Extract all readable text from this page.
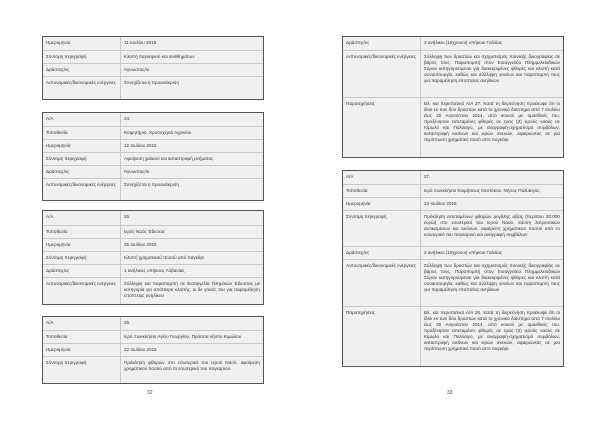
Ημερομηνία	11 Ιουλίου 2015
Σύντομη περιγραφή	Κλοπή παγκαριού και αναθημάτων
Δράστης/ες	Άγνωστος/οι
Αστυνομικές/δικονομικές ενέργειες	Συνεχίζεται η προανάκριση
Α/Α	24.
Τοποθεσία	Κοιμητήριο, Χρυσοχεριά Αγρινίου
Ημερομηνία	12 Ιουλίου 2015
Σύντομη περιγραφή	Αφαίρεση χαλκού και καταστροφή μνήματος
Δράστης/ες	Άγνωστος/οι
Αστυνομικές/δικονομικές ενέργειες	Συνεχίζεται η προανάκριση
Α/Α	25.
Τοποθεσία	Ιερός Ναός Έδεσσα
Ημερομηνία	25 Ιουλίου 2015
Σύντομη περιγραφή	Κλοπή χρηματικού ποσού από παγκάρι
Δράστης/ες	1 ανήλικος υπήκοος Αλβανίας
Αστυνομικές/δικονομικές ενέργειες	Σύλληψη και παραπομπή σε Εισαγγελία Πλημ/κών Έδεσσας με κατηγορία για απόπειρα κλοπής, οι δε γονείς του για παραμέληση εποπτείας ανηλίκου
Α/Α	26.
Τοποθεσία	Ιερό Ξωκκλήσιο Αγίου Γεωργίου, Πράσσα νήσου Κιμώλου
Ημερομηνία	22 Ιουλίου 2015
Σύντομη περιγραφή	Πρόκληση φθορών στο εσωτερικό του Ιερού Ναού, αφαίρεση χρηματικού ποσού από το εσωτερικό του παγκαριού
Δράστης/ες	2 ανήλικοι (16χρονοι) υπήκοοι Γαλλίας
Αστυνομικές/δικονομικές ενέργειες	Σύλληψη των δραστών και σχηματισμός ποινικής δικογραφίας σε βάρος τους. Παραπομπή στον Εισαγγελέα Πλημμελειοδικών Σύρου κατηγορούμενοι για διακεκριμένες φθορές και κλοπή κατά συναυτουργία, καθώς και σύλληψη γονέων και παραπομπή τους για παραμέληση εποπτείας ανηλίκων
Παρατηρήσεις	Βλ. και περιστατικό Α/Α 27. Κατά τη διερεύνηση προέκυψε ότι οι ίδιοι εκ των δύο δραστών κατά το χρονικό διάστημα από 7 Ιουλίου έως 20 Αυγούστου 2014, από κοινού με ομοεθνείς του, προξένησαν εκτεταμένες φθορές σε τρεις (3) ιερούς ναούς σε Κίμωλο και Πολύαιγο, με αναγραφή-σχηματισμό συμβόλων, καταστροφή εικόνων και ιερών σκευών, αφαιρώντας σε μια περίπτωση χρηματικό ποσό από παγκάρι.
Α/Α	27.
Τοποθεσία	Ιερό Ξωκκλήσιο Κοιμήσεως Θεοτόκου, Νήσος Πολύαιγος
Ημερομηνία	23 Ιουλίου 2015
Σύντομη περιγραφή	Πρόκληση εκτεταμένων φθορών μεγάλης αξίας (περίπου 30.000 ευρώ) στο εσωτερικό του Ιερού Ναού, καύση λατρευτικών αντικειμένων και εικόνων, αφαίρεση χρηματικού ποσού από το εσωτερικό του παγκαριού και αναγραφή συμβόλων
Δράστης/ες	2 ανήλικοι (16χρονοι) υπήκοοι Γαλλίας
Αστυνομικές/δικονομικές ενέργειες	Σύλληψη των δραστών και σχηματισμός ποινικής δικογραφίας σε βάρος τους. Παραπομπή στον Εισαγγελέα Πλημμελειοδικών Σύρου κατηγορούμενοι για διακεκριμένες φθορές και κλοπή κατά συναυτουργία, καθώς και σύλληψη γονέων και παραπομπή τους για παραμέληση εποπτείας ανηλίκων
Παρατηρήσεις	Βλ. και περιστατικό Α/Α 26. Κατά τη διερεύνηση προέκυψε ότι οι ίδιοι εκ των δύο δραστών κατά το χρονικό διάστημα από 7 Ιουλίου έως 20 Αυγούστου 2014, από κοινού με ομοεθνείς του, προξένησαν εκτεταμένες φθορές σε τρεις (3) ιερούς ναούς σε Κίμωλο και Πολύαιγο, με αναγραφή-σχηματισμό συμβόλων, καταστροφή εικόνων και ιερών σκευών, αφαιρώντας σε μια περίπτωση χρηματικό ποσό από παγκάρι.
32	33
